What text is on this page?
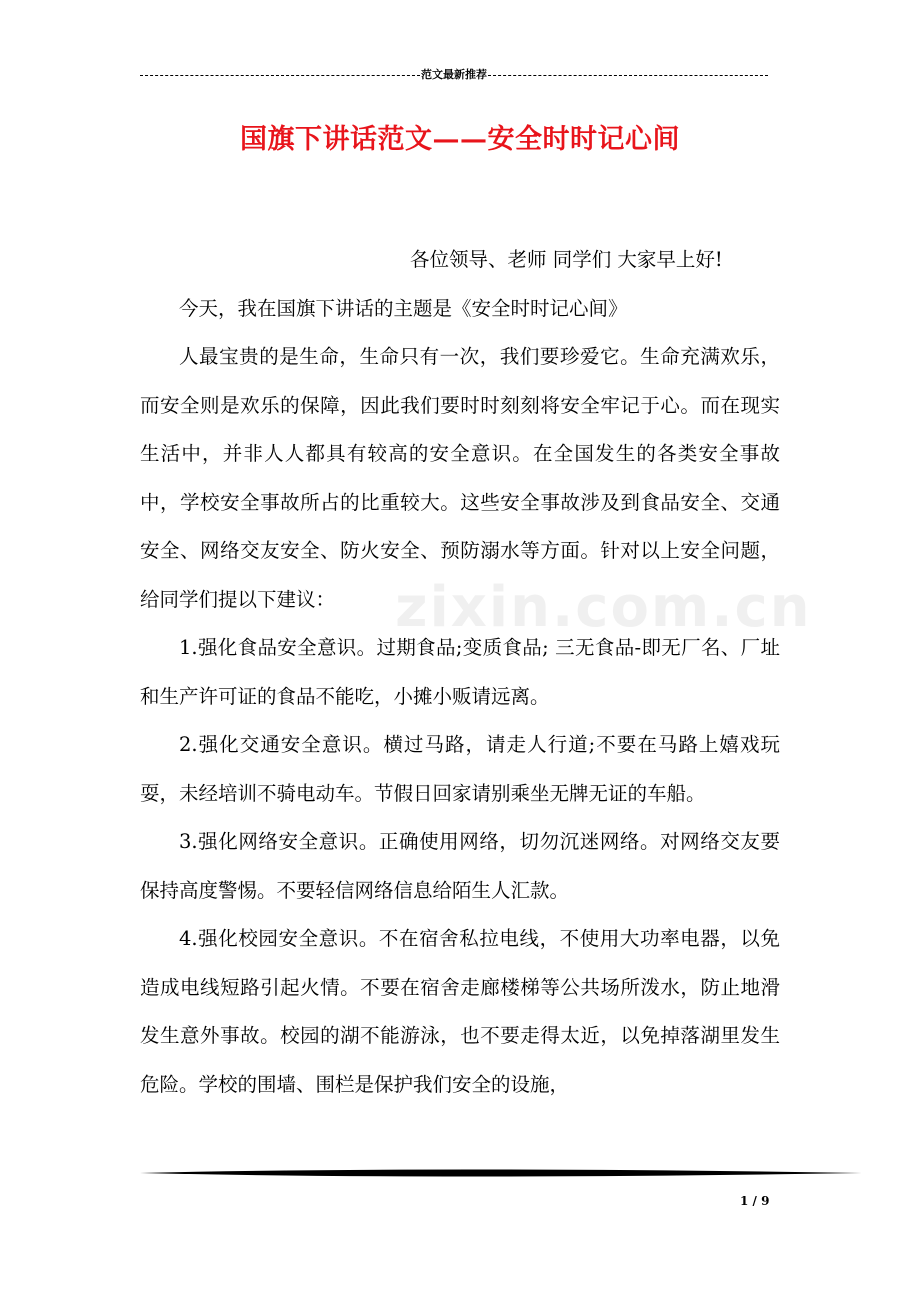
范文最新推荐
国旗下讲话范文——安全时时记心间
zixin.com.cn

各位领导、老师 同学们 大家早上好!

今天，我在国旗下讲话的主题是《安全时时记心间》

人最宝贵的是生命，生命只有一次，我们要珍爱它。生命充满欢乐，而安全则是欢乐的保障，因此我们要时时刻刻将安全牢记于心。而在现实生活中，并非人人都具有较高的安全意识。在全国发生的各类安全事故中，学校安全事故所占的比重较大。这些安全事故涉及到食品安全、交通安全、网络交友安全、防火安全、预防溺水等方面。针对以上安全问题，给同学们提以下建议：

1.强化食品安全意识。过期食品;变质食品; 三无食品-即无厂名、厂址和生产许可证的食品不能吃，小摊小贩请远离。

2.强化交通安全意识。横过马路，请走人行道;不要在马路上嬉戏玩耍，未经培训不骑电动车。节假日回家请别乘坐无牌无证的车船。

3.强化网络安全意识。正确使用网络，切勿沉迷网络。对网络交友要保持高度警惕。不要轻信网络信息给陌生人汇款。

4.强化校园安全意识。不在宿舍私拉电线，不使用大功率电器，以免造成电线短路引起火情。不要在宿舍走廊楼梯等公共场所泼水，防止地滑发生意外事故。校园的湖不能游泳，也不要走得太近，以免掉落湖里发生危险。学校的围墙、围栏是保护我们安全的设施，

1 / 9
